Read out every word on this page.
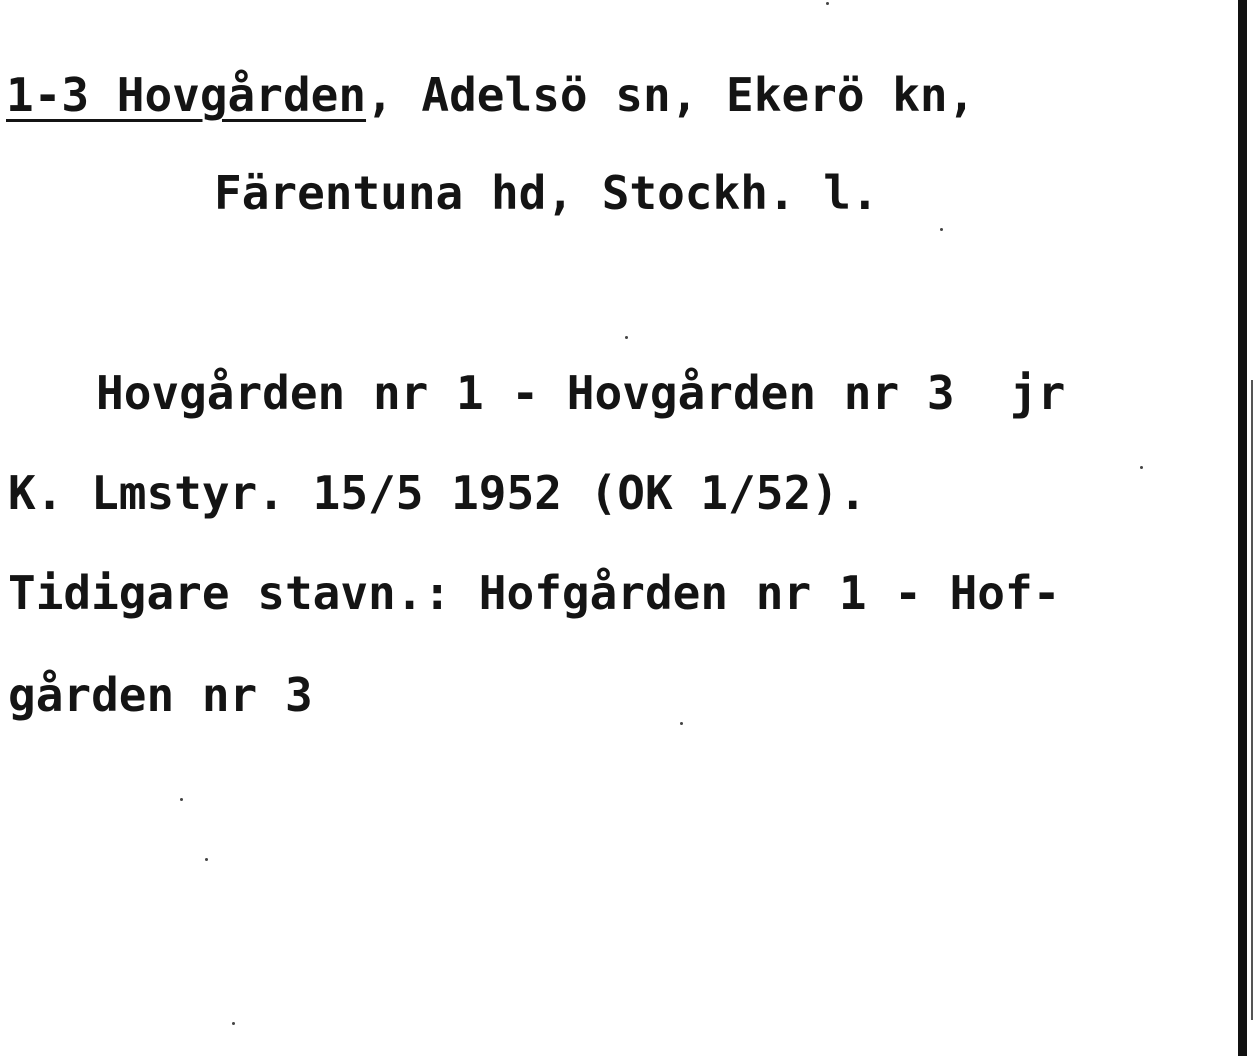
1-3 Hovgården, Adelsö sn, Ekerö kn,
Färentuna hd, Stockh. l.
Hovgården nr 1 - Hovgården nr 3  jr
K. Lmstyr. 15/5 1952 (OK 1/52).
Tidigare stavn.: Hofgården nr 1 - Hof-
gården nr 3
